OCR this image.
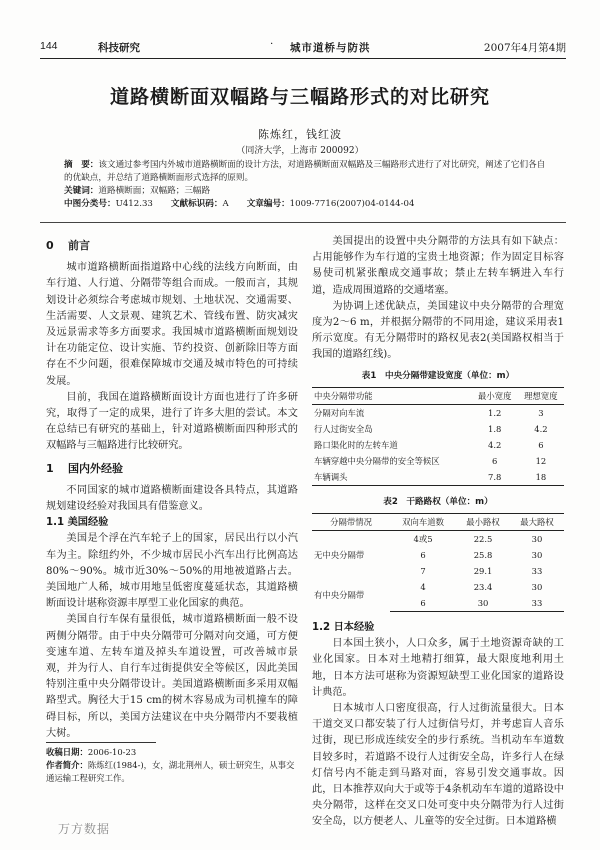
144	科技研究	· 城市道桥与防洪	2007年4月第4期
道路横断面双幅路与三幅路形式的对比研究
陈炼红，钱红波
（同济大学，上海市 200092）

摘　要：该文通过参考国内外城市道路横断面的设计方法，对道路横断面双幅路及三幅路形式进行了对比研究，阐述了它们各自的优缺点，并总结了道路横断面形式选择的原则。

关键词：道路横断面；双幅路；三幅路

中图分类号：U412.33 文献标识码：A 文章编号：1009-7716(2007)04-0144-04

0 前言

城市道路横断面指道路中心线的法线方向断面，由车行道、人行道、分隔带等组合而成。一般而言，其规划设计必须综合考虑城市规划、土地状况、交通需要、生活需要、人文景观、建筑艺术、管线布置、防灾减灾及远景需求等多方面要求。我国城市道路横断面规划设计在功能定位、设计实施、节约投资、创新除旧等方面存在不少问题，很难保障城市交通及城市特色的可持续发展。

目前，我国在道路横断面设计方面也进行了许多研究，取得了一定的成果，进行了许多大胆的尝试。本文在总结已有研究的基础上，针对道路横断面四种形式的双幅路与三幅路进行比较研究。

1 国内外经验

不同国家的城市道路横断面建设各具特点，其道路规划建设经验对我国具有借鉴意义。

1.1 美国经验

美国是个浮在汽车轮子上的国家，居民出行以小汽车为主。除纽约外，不少城市居民小汽车出行比例高达80%～90%。城市近30%～50%的用地被道路占去。美国地广人稀，城市用地呈低密度蔓延状态，其道路横断面设计堪称资源丰厚型工业化国家的典范。

美国自行车保有量很低，城市道路横断面一般不设两侧分隔带。由于中央分隔带可分隔对向交通，可方便变速车道、左转车道及掉头车道设置，可改善城市景观，并为行人、自行车过街提供安全等候区，因此美国特别注重中央分隔带设计。美国道路横断面多采用双幅路型式。胸径大于15 cm的树木容易成为司机撞车的障碍目标，所以，美国方法建议在中央分隔带内不要栽植大树。

收稿日期：2006-10-23

作者简介：陈炼红(1984-)，女，湖北荆州人，硕士研究生，从事交通运输工程研究工作。

美国提出的设置中央分隔带的方法具有如下缺点：占用能够作为车行道的宝贵土地资源；作为固定目标容易使司机紧张酿成交通事故；禁止左转车辆进入车行道，造成周围道路的交通堵塞。

为协调上述优缺点，美国建议中央分隔带的合理宽度为2～6 m，并根据分隔带的不同用途，建议采用表1所示宽度。有无分隔带时的路权见表2(美国路权相当于我国的道路红线)。

表1　中央分隔带建设宽度（单位：m）
中央分隔带功能	最小宽度	理想宽度
分隔对向车流	1.2	3
行人过街安全岛	1.8	4.2
路口渠化时的左转车道	4.2	6
车辆穿越中央分隔带的安全等候区	6	12
车辆调头	7.8	18
表2　干路路权（单位：m）
分隔带情况	双向车道数	最小路权	最大路权
无中央分隔带	4或5	22.5	30
	6	25.8	30
	7	29.1	33
有中央分隔带	4	23.4	30
	6	30	33
1.2 日本经验

日本国土狭小，人口众多，属于土地资源奇缺的工业化国家。日本对土地精打细算，最大限度地利用土地，日本方法可堪称为资源短缺型工业化国家的道路设计典范。

日本城市人口密度很高，行人过街流量很大。日本干道交叉口都安装了行人过街信号灯，并考虑盲人音乐过街，现已形成连续安全的步行系统。当机动车车道数目较多时，若道路不设行人过街安全岛，许多行人在绿灯信号内不能走到马路对面，容易引发交通事故。因此，日本推荐双向大于或等于4条机动车车道的道路设中央分隔带，这样在交叉口处可变中央分隔带为行人过街安全岛，以方便老人、儿童等的安全过街。日本道路横

万方数据
